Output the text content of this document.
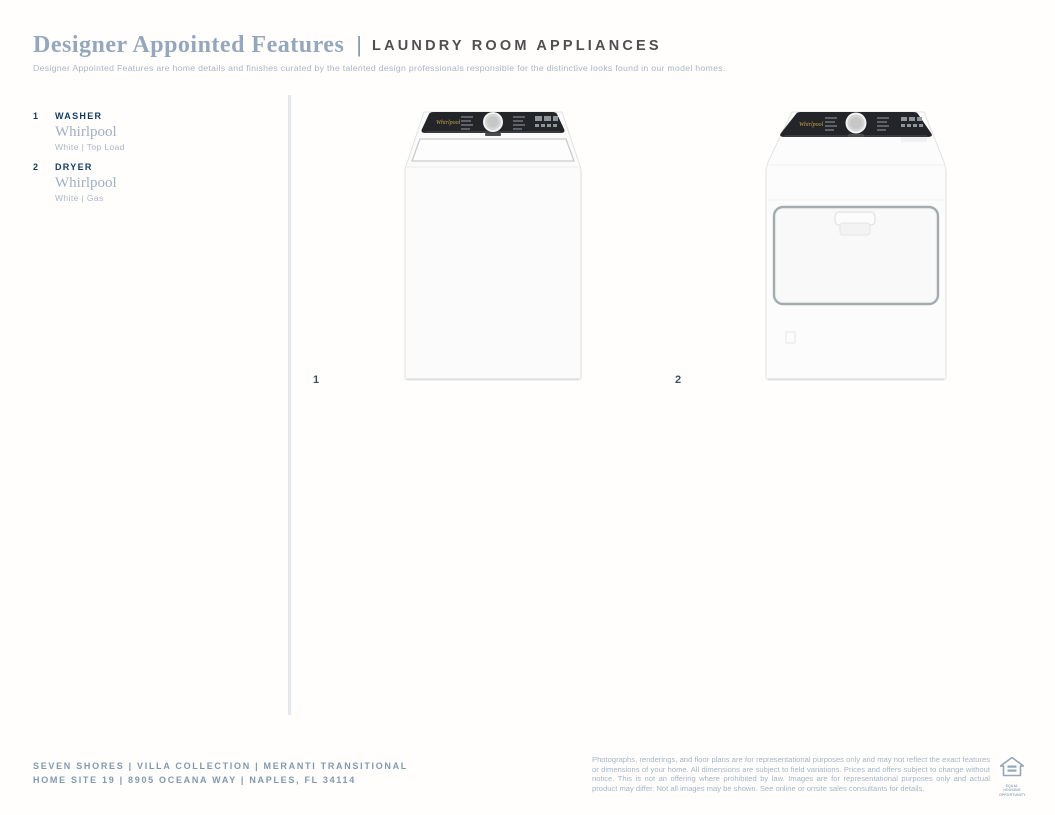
Designer Appointed Features | LAUNDRY ROOM APPLIANCES
Designer Appointed Features are home details and finishes curated by the talented design professionals responsible for the distinctive looks found in our model homes.
1	WASHER
Whirlpool
White | Top Load
2	DRYER
Whirlpool
White | Gas
1	2
Whirlpool	Whirlpool
SEVEN SHORES | VILLA COLLECTION | MERANTI TRANSITIONAL
HOME SITE 19 | 8905 OCEANA WAY | NAPLES, FL 34114
Photographs, renderings, and floor plans are for representational purposes only and may not reflect the exact features or dimensions of your home. All dimensions are subject to field variations. Prices and offers subject to change without notice. This is not an offering where prohibited by law. Images are for representational purposes only and actual product may differ. Not all images may be shown. See online or onsite sales consultants for details.	EQUAL HOUSING
OPPORTUNITY
